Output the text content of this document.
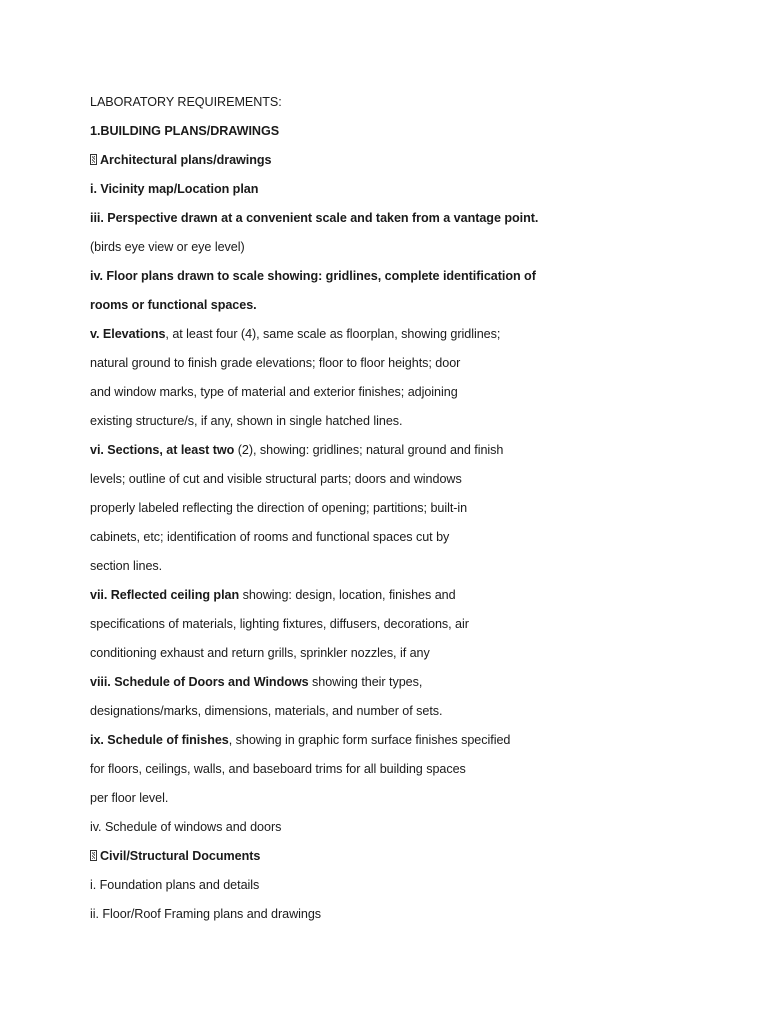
LABORATORY REQUIREMENTS:
1.BUILDING PLANS/DRAWINGS
Architectural plans/drawings
i. Vicinity map/Location plan
iii. Perspective drawn at a convenient scale and taken from a vantage point.
(birds eye view or eye level)
iv. Floor plans drawn to scale showing: gridlines, complete identification of
rooms or functional spaces.
v. Elevations, at least four (4), same scale as floorplan, showing gridlines;
natural ground to finish grade elevations; floor to floor heights; door
and window marks, type of material and exterior finishes; adjoining
existing structure/s, if any, shown in single hatched lines.
vi. Sections, at least two (2), showing: gridlines; natural ground and finish
levels; outline of cut and visible structural parts; doors and windows
properly labeled reflecting the direction of opening; partitions; built-in
cabinets, etc; identification of rooms and functional spaces cut by
section lines.
vii. Reflected ceiling plan showing: design, location, finishes and
specifications of materials, lighting fixtures, diffusers, decorations, air
conditioning exhaust and return grills, sprinkler nozzles, if any
viii. Schedule of Doors and Windows showing their types,
designations/marks, dimensions, materials, and number of sets.
ix. Schedule of finishes, showing in graphic form surface finishes specified
for floors, ceilings, walls, and baseboard trims for all building spaces
per floor level.
iv. Schedule of windows and doors
Civil/Structural Documents
i. Foundation plans and details
ii. Floor/Roof Framing plans and drawings
